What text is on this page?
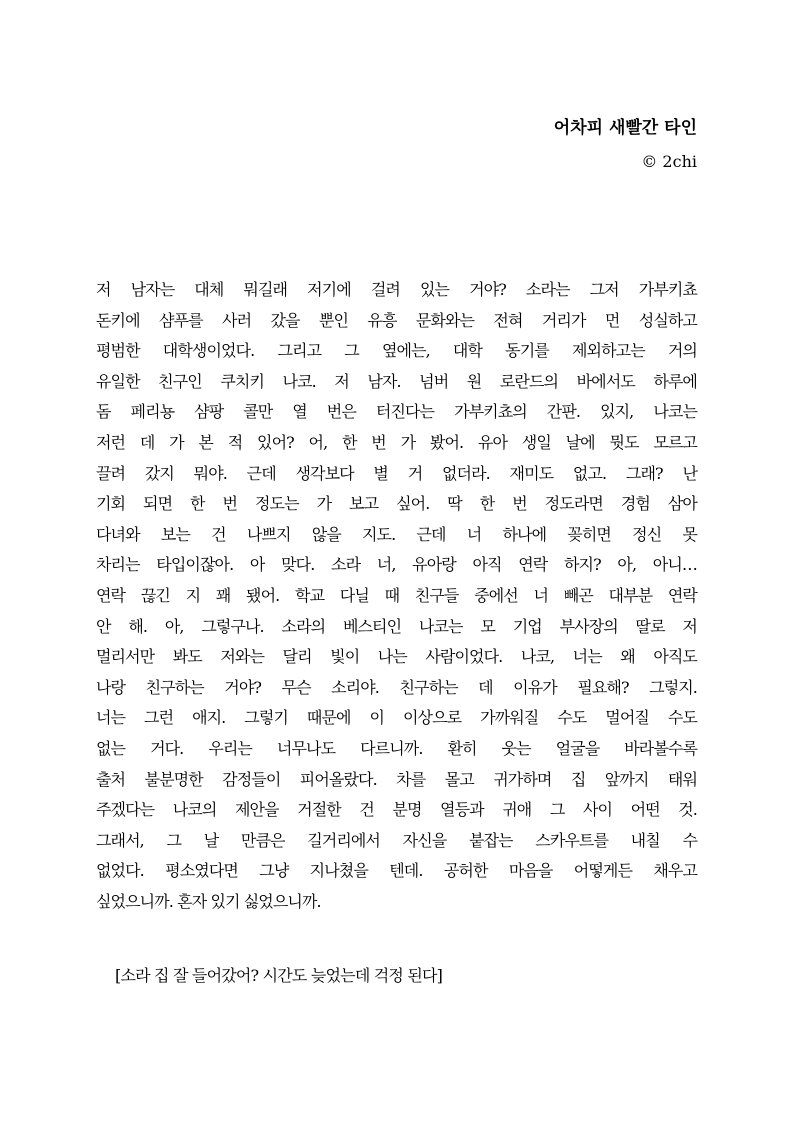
어차피 새빨간 타인
© 2chi
저 남자는 대체 뭐길래 저기에 걸려 있는 거야? 소라는 그저 가부키쵸
돈키에 샴푸를 사러 갔을 뿐인 유흥 문화와는 전혀 거리가 먼 성실하고
평범한 대학생이었다. 그리고 그 옆에는, 대학 동기를 제외하고는 거의
유일한 친구인 쿠치키 나코. 저 남자. 넘버 원 로란드의 바에서도 하루에
돔 페리뇽 샴팡 콜만 열 번은 터진다는 가부키쵸의 간판. 있지, 나코는
저런 데 가 본 적 있어? 어, 한 번 가 봤어. 유아 생일 날에 뭣도 모르고
끌려 갔지 뭐야. 근데 생각보다 별 거 없더라. 재미도 없고. 그래? 난
기회 되면 한 번 정도는 가 보고 싶어. 딱 한 번 정도라면 경험 삼아
다녀와 보는 건 나쁘지 않을 지도. 근데 너 하나에 꽂히면 정신 못
차리는 타입이잖아. 아 맞다. 소라 너, 유아랑 아직 연락 하지? 아, 아니…
연락 끊긴 지 꽤 됐어. 학교 다닐 때 친구들 중에선 너 빼곤 대부분 연락
안 해. 아, 그렇구나. 소라의 베스티인 나코는 모 기업 부사장의 딸로 저
멀리서만 봐도 저와는 달리 빛이 나는 사람이었다. 나코, 너는 왜 아직도
나랑 친구하는 거야? 무슨 소리야. 친구하는 데 이유가 필요해? 그렇지.
너는 그런 애지. 그렇기 때문에 이 이상으로 가까워질 수도 멀어질 수도
없는 거다. 우리는 너무나도 다르니까. 환히 웃는 얼굴을 바라볼수록
출처 불분명한 감정들이 피어올랐다. 차를 몰고 귀가하며 집 앞까지 태워
주겠다는 나코의 제안을 거절한 건 분명 열등과 귀애 그 사이 어떤 것.
그래서, 그 날 만큼은 길거리에서 자신을 붙잡는 스카우트를 내칠 수
없었다. 평소였다면 그냥 지나쳤을 텐데. 공허한 마음을 어떻게든 채우고
싶었으니까. 혼자 있기 싫었으니까.
[소라 집 잘 들어갔어? 시간도 늦었는데 걱정 된다]
